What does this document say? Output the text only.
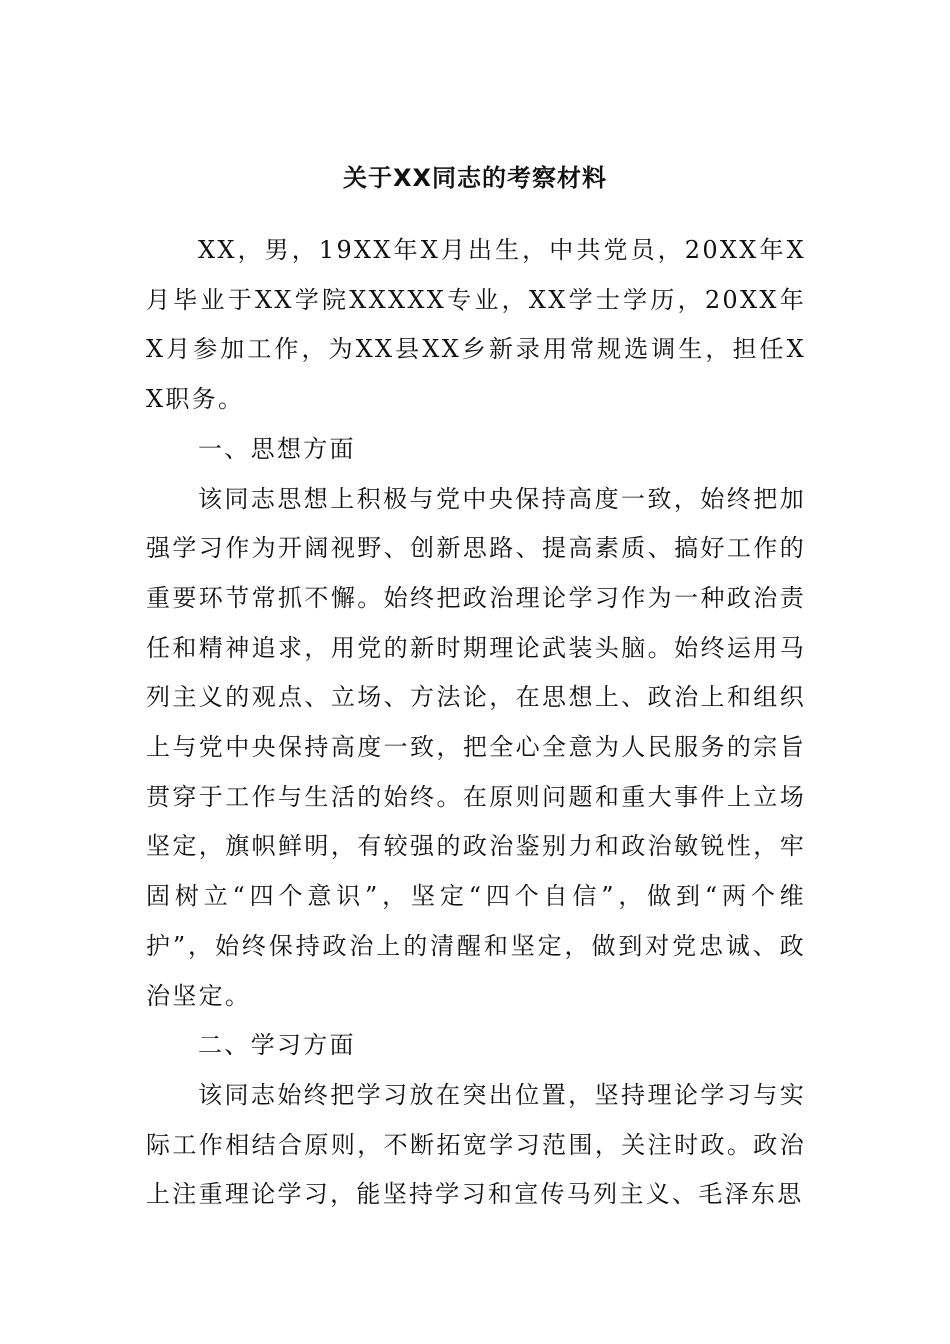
关于XX同志的考察材料

XX，男，19XX年X月出生，中共党员，20XX年X月毕业于XX学院XXXXX专业，XX学士学历，20XX年X月参加工作，为XX县XX乡新录用常规选调生，担任XX职务。

一、思想方面

该同志思想上积极与党中央保持高度一致，始终把加强学习作为开阔视野、创新思路、提高素质、搞好工作的重要环节常抓不懈。始终把政治理论学习作为一种政治责任和精神追求，用党的新时期理论武装头脑。始终运用马列主义的观点、立场、方法论，在思想上、政治上和组织上与党中央保持高度一致，把全心全意为人民服务的宗旨贯穿于工作与生活的始终。在原则问题和重大事件上立场坚定，旗帜鲜明，有较强的政治鉴别力和政治敏锐性，牢固树立“四个意识”，坚定“四个自信”，做到“两个维护”，始终保持政治上的清醒和坚定，做到对党忠诚、政治坚定。

二、学习方面

该同志始终把学习放在突出位置，坚持理论学习与实际工作相结合原则，不断拓宽学习范围，关注时政。政治上注重理论学习，能坚持学习和宣传马列主义、毛泽东思
